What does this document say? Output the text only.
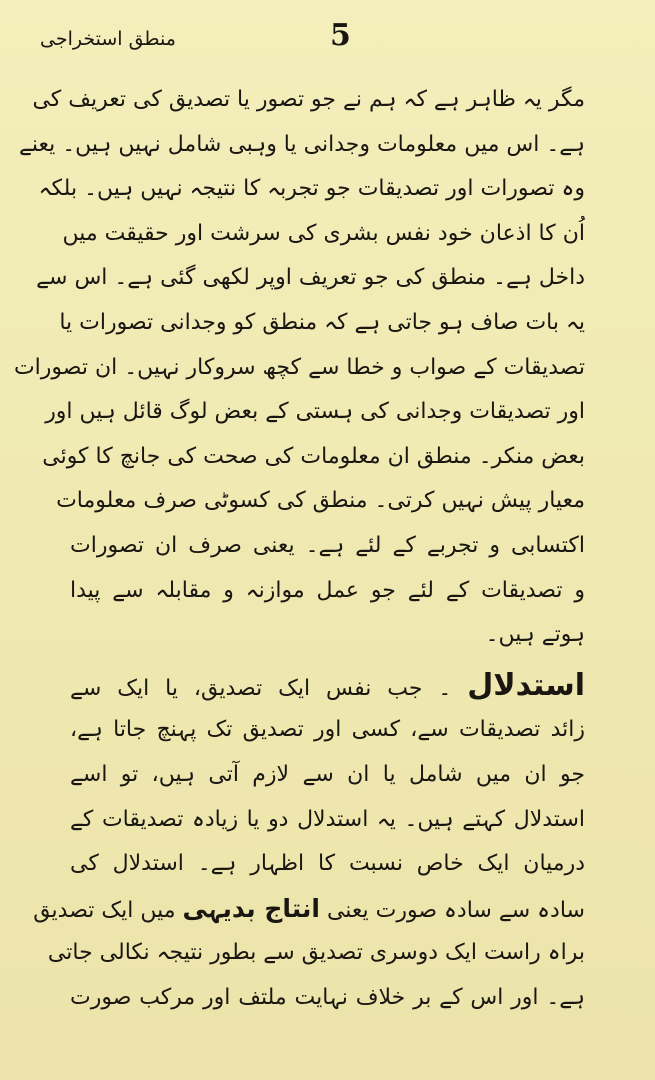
5
منطق استخراجی
مگر یہ ظاہر ہے کہ ہم نے جو تصور یا تصدیق کی تعریف کی
ہے۔ اس میں معلومات وجدانی یا وہبی شامل نہیں ہیں۔ یعنے
وہ تصورات اور تصدیقات جو تجربہ کا نتیجہ نہیں ہیں۔ بلکہ
اُن کا اذعان خود نفس بشری کی سرشت اور حقیقت میں
داخل ہے۔ منطق کی جو تعریف اوپر لکھی گئی ہے۔ اس سے
یہ بات صاف ہو جاتی ہے کہ منطق کو وجدانی تصورات یا
تصدیقات کے صواب و خطا سے کچھ سروکار نہیں۔ ان تصورات
اور تصدیقات وجدانی کی ہستی کے بعض لوگ قائل ہیں اور
بعض منکر۔ منطق ان معلومات کی صحت کی جانچ کا کوئی
معیار پیش نہیں کرتی۔ منطق کی کسوٹی صرف معلومات
اکتسابی و تجربے کے لئے ہے۔ یعنی صرف ان تصورات
و تصدیقات کے لئے جو عمل موازنہ و مقابلہ سے پیدا
ہوتے ہیں۔
استدلال ۔ جب نفس ایک تصدیق، یا ایک سے
زائد تصدیقات سے، کسی اور تصدیق تک پہنچ جاتا ہے،
جو ان میں شامل یا ان سے لازم آتی ہیں، تو اسے
استدلال کہتے ہیں۔ یہ استدلال دو یا زیادہ تصدیقات کے
درمیان ایک خاص نسبت کا اظہار ہے۔ استدلال کی
سادہ سے سادہ صورت یعنی انتاج بدیہی میں ایک تصدیق
براہ راست ایک دوسری تصدیق سے بطور نتیجہ نکالی جاتی
ہے۔ اور اس کے بر خلاف نہایت ملتف اور مرکب صورت
